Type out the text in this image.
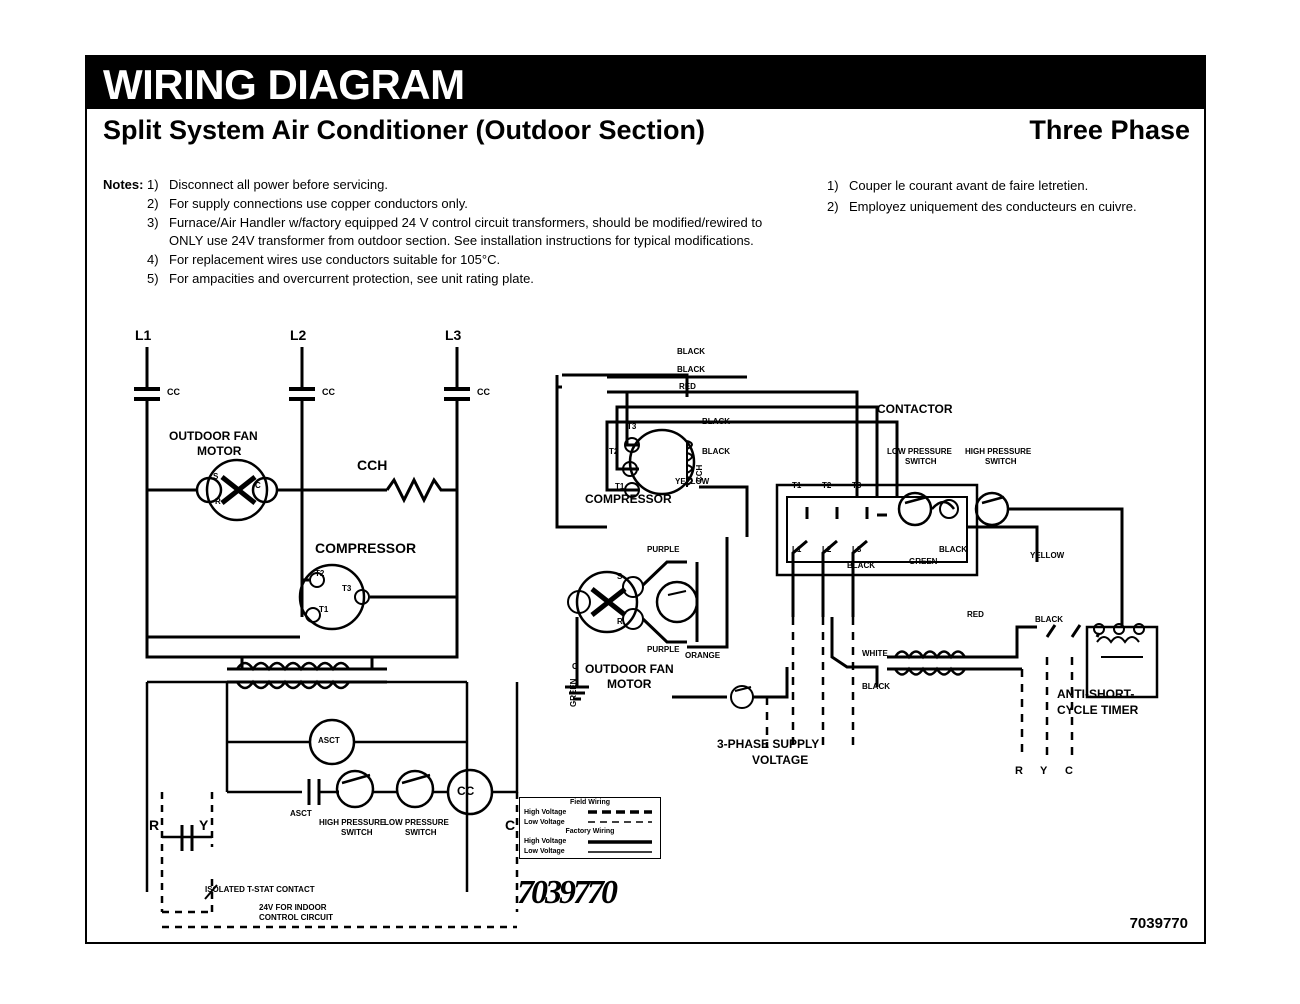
WIRING DIAGRAM
Split System Air Conditioner (Outdoor Section)	Three Phase
Notes: 1) Disconnect all power before servicing.
2) For supply connections use copper conductors only.
3) Furnace/Air Handler w/factory equipped 24 V control circuit transformers, should be modified/rewired to ONLY use 24V transformer from outdoor section. See installation instructions for typical modifications.
4) For replacement wires use conductors suitable for 105°C.
5) For ampacities and overcurrent protection, see unit rating plate.
1) Couper le courant avant de faire letretien.
2) Employez uniquement des conducteurs en cuivre.
L1	L2	L3
CC	CC	CC
OUTDOOR FAN
MOTOR
S
C
R
CCH
COMPRESSOR
T2
T3
T1
ASCT
ASCT
CC
HIGH PRESSURE
SWITCH
LOW PRESSURE
SWITCH
R	Y	C
ISOLATED T-STAT CONTACT
24V FOR INDOOR
CONTROL CIRCUIT
BLACK
BLACK
RED
BLACK
BLACK
YELLOW
T3
T2
T1
CCH
COMPRESSOR
CONTACTOR
LOW PRESSURE
SWITCH
HIGH PRESSURE
SWITCH
T1	T2	T3
L1	L2	L3
PURPLE
PURPLE
ORANGE
GREEN
C
S
R
OUTDOOR FAN
MOTOR
BLACK
BLACK	GREEN
YELLOW
RED
BLACK
WHITE
BLACK
ANTI-SHORT-
CYCLE TIMER
3-PHASE SUPPLY
VOLTAGE
R Y C
Field Wiring
High Voltage
Low Voltage
Factory Wiring
High Voltage
Low Voltage
7039770
7039770
